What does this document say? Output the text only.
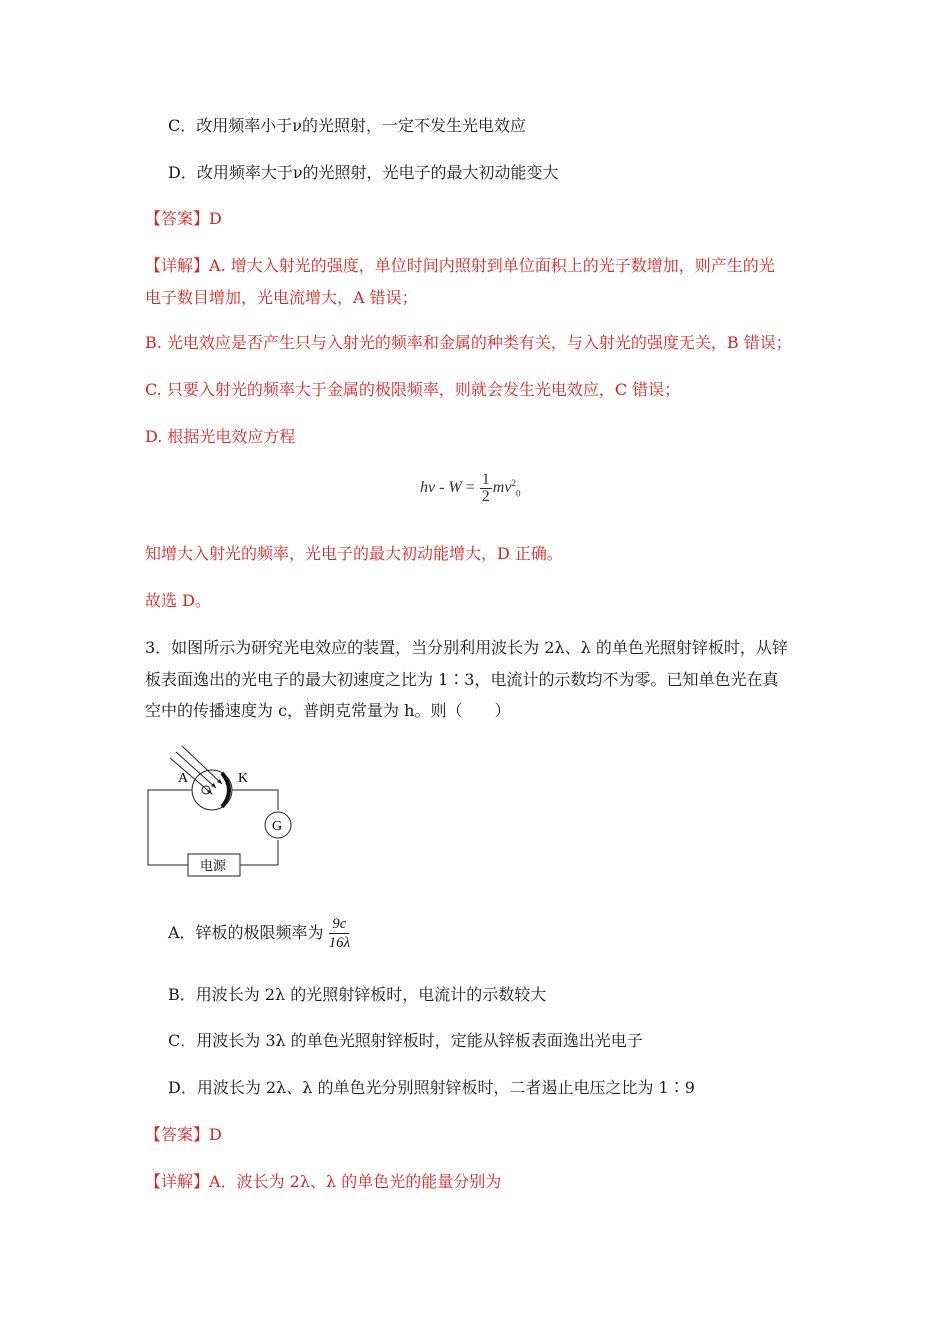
C．改用频率小于ν的光照射，一定不发生光电效应
D．改用频率大于ν的光照射，光电子的最大初动能变大
【答案】D
【详解】A. 增大入射光的强度，单位时间内照射到单位面积上的光子数增加，则产生的光
电子数目增加，光电流增大，A 错误；
B. 光电效应是否产生只与入射光的频率和金属的种类有关，与入射光的强度无关，B 错误；
C. 只要入射光的频率大于金属的极限频率，则就会发生光电效应，C 错误；
D. 根据光电效应方程
$h\nu - W = \frac{1}{2} mv^2_0$
知增大入射光的频率，光电子的最大初动能增大，D 正确。
故选 D。
3．如图所示为研究光电效应的装置，当分别利用波长为 2λ、λ 的单色光照射锌板时，从锌
板表面逸出的光电子的最大初速度之比为 1∶3，电流计的示数均不为零。已知单色光在真
空中的传播速度为 c，普朗克常量为 h。则（　　）
A	K
G
电源
A．锌板的极限频率为 $\frac{9c}{16\lambda}$
B．用波长为 2λ 的光照射锌板时，电流计的示数较大
C．用波长为 3λ 的单色光照射锌板时，定能从锌板表面逸出光电子
D．用波长为 2λ、λ 的单色光分别照射锌板时，二者遏止电压之比为 1∶9
【答案】D
【详解】A．波长为 2λ、λ 的单色光的能量分别为
